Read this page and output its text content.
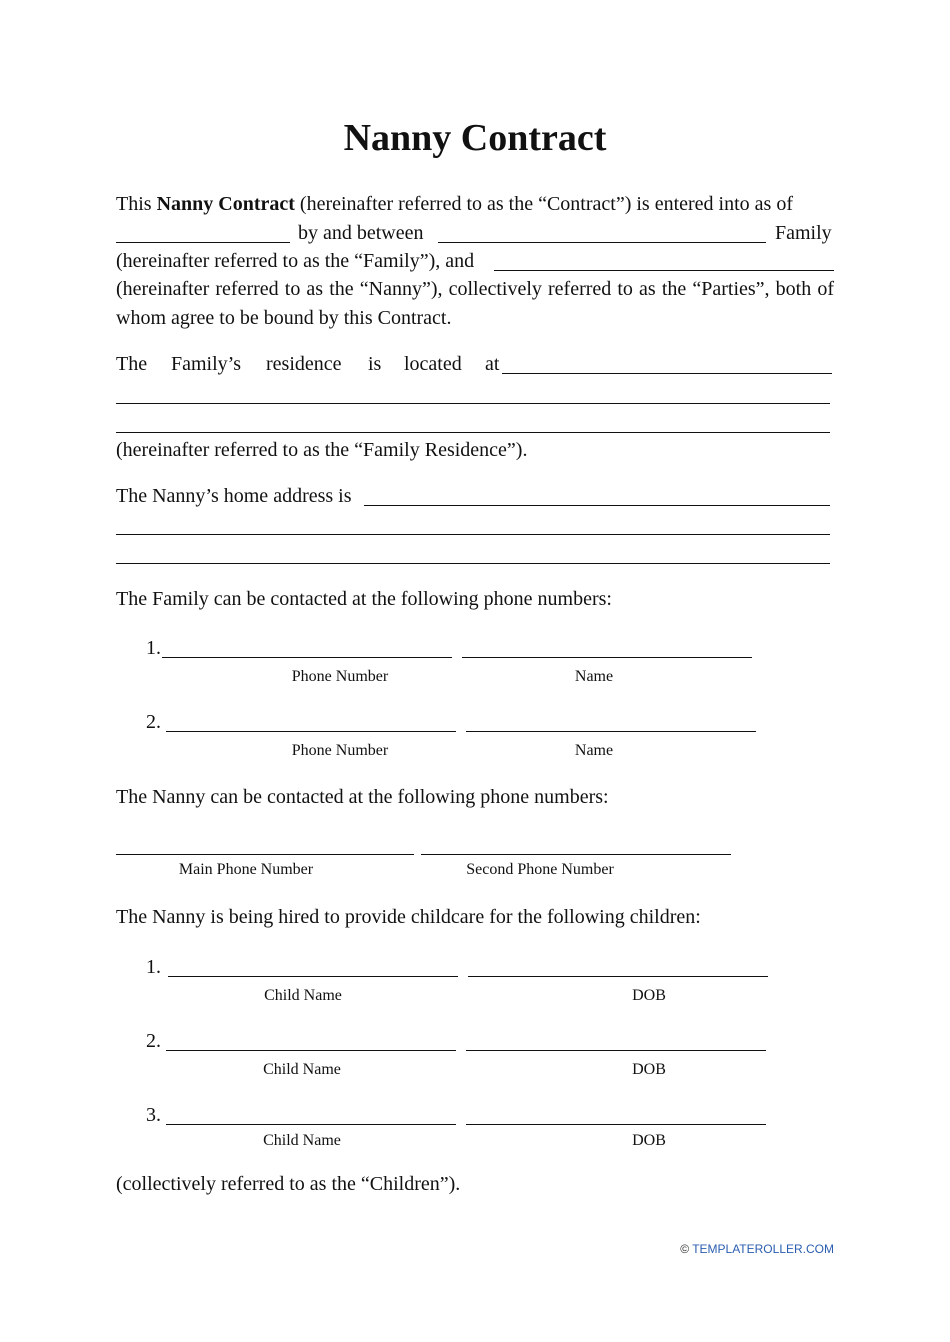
Nanny Contract
This Nanny Contract (hereinafter referred to as the “Contract”) is entered into as of
by and between	Family
(hereinafter referred to as the “Family”), and
(hereinafter referred to as the “Nanny”), collectively referred to as the “Parties”, both of whom agree to be bound by this Contract.
The Family’s residence is located at
(hereinafter referred to as the “Family Residence”).
The Nanny’s home address is
The Family can be contacted at the following phone numbers:
1.
Phone Number	Name
2.
Phone Number	Name
The Nanny can be contacted at the following phone numbers:
Main Phone Number	Second Phone Number
The Nanny is being hired to provide childcare for the following children:
1.
Child Name	DOB
2.
Child Name	DOB
3.
Child Name	DOB
(collectively referred to as the “Children”).
© TEMPLATEROLLER.COM
